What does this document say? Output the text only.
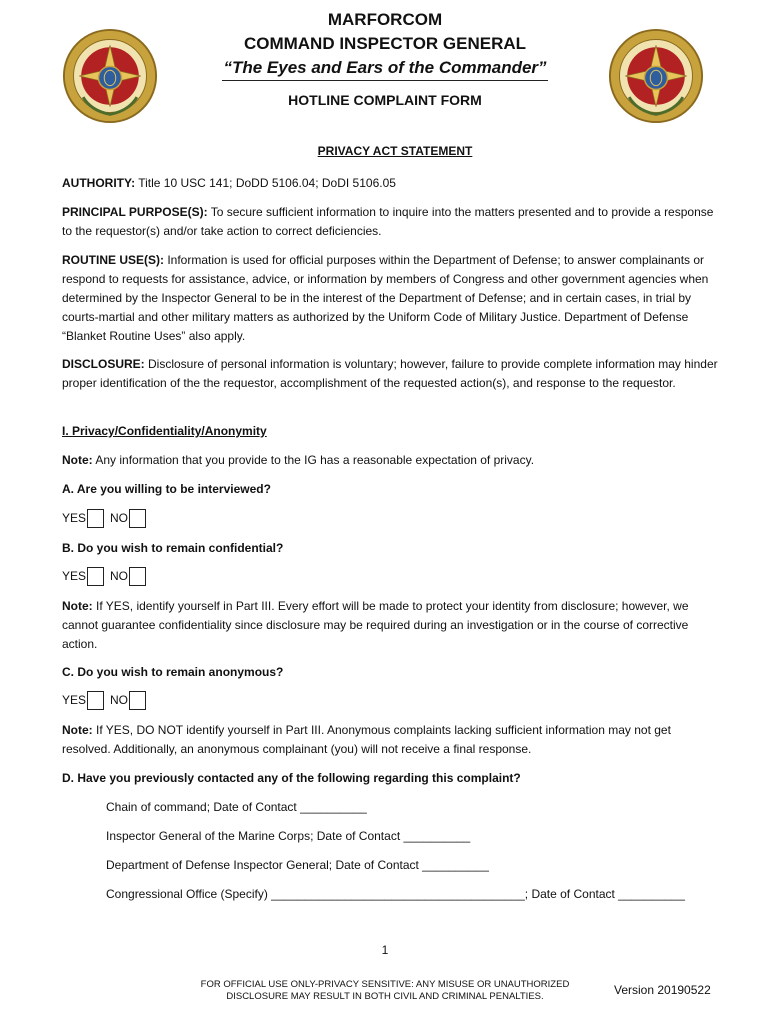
MARFORCOM
COMMAND INSPECTOR GENERAL
“The Eyes and Ears of the Commander”
HOTLINE COMPLAINT FORM
PRIVACY ACT STATEMENT
AUTHORITY: Title 10 USC 141; DoDD 5106.04; DoDI 5106.05
PRINCIPAL PURPOSE(S): To secure sufficient information to inquire into the matters presented and to provide a response to the requestor(s) and/or take action to correct deficiencies.
ROUTINE USE(S): Information is used for official purposes within the Department of Defense; to answer complainants or respond to requests for assistance, advice, or information by members of Congress and other government agencies when determined by the Inspector General to be in the interest of the Department of Defense; and in certain cases, in trial by courts-martial and other military matters as authorized by the Uniform Code of Military Justice. Department of Defense “Blanket Routine Uses” also apply.
DISCLOSURE: Disclosure of personal information is voluntary; however, failure to provide complete information may hinder proper identification of the the requestor, accomplishment of the requested action(s), and response to the requestor.
I. Privacy/Confidentiality/Anonymity
Note: Any information that you provide to the IG has a reasonable expectation of privacy.
A. Are you willing to be interviewed?
YES NO
B. Do you wish to remain confidential?
YES NO
Note: If YES, identify yourself in Part III. Every effort will be made to protect your identity from disclosure; however, we cannot guarantee confidentiality since disclosure may be required during an investigation or in the course of corrective action.
C. Do you wish to remain anonymous?
YES NO
Note: If YES, DO NOT identify yourself in Part III. Anonymous complaints lacking sufficient information may not get resolved. Additionally, an anonymous complainant (you) will not receive a final response.
D. Have you previously contacted any of the following regarding this complaint?
Chain of command; Date of Contact __________
Inspector General of the Marine Corps; Date of Contact __________
Department of Defense Inspector General; Date of Contact __________
Congressional Office (Specify) ______________________________________; Date of Contact __________
1
FOR OFFICIAL USE ONLY-PRIVACY SENSITIVE: ANY MISUSE OR UNAUTHORIZED
DISCLOSURE MAY RESULT IN BOTH CIVIL AND CRIMINAL PENALTIES.	Version 20190522
